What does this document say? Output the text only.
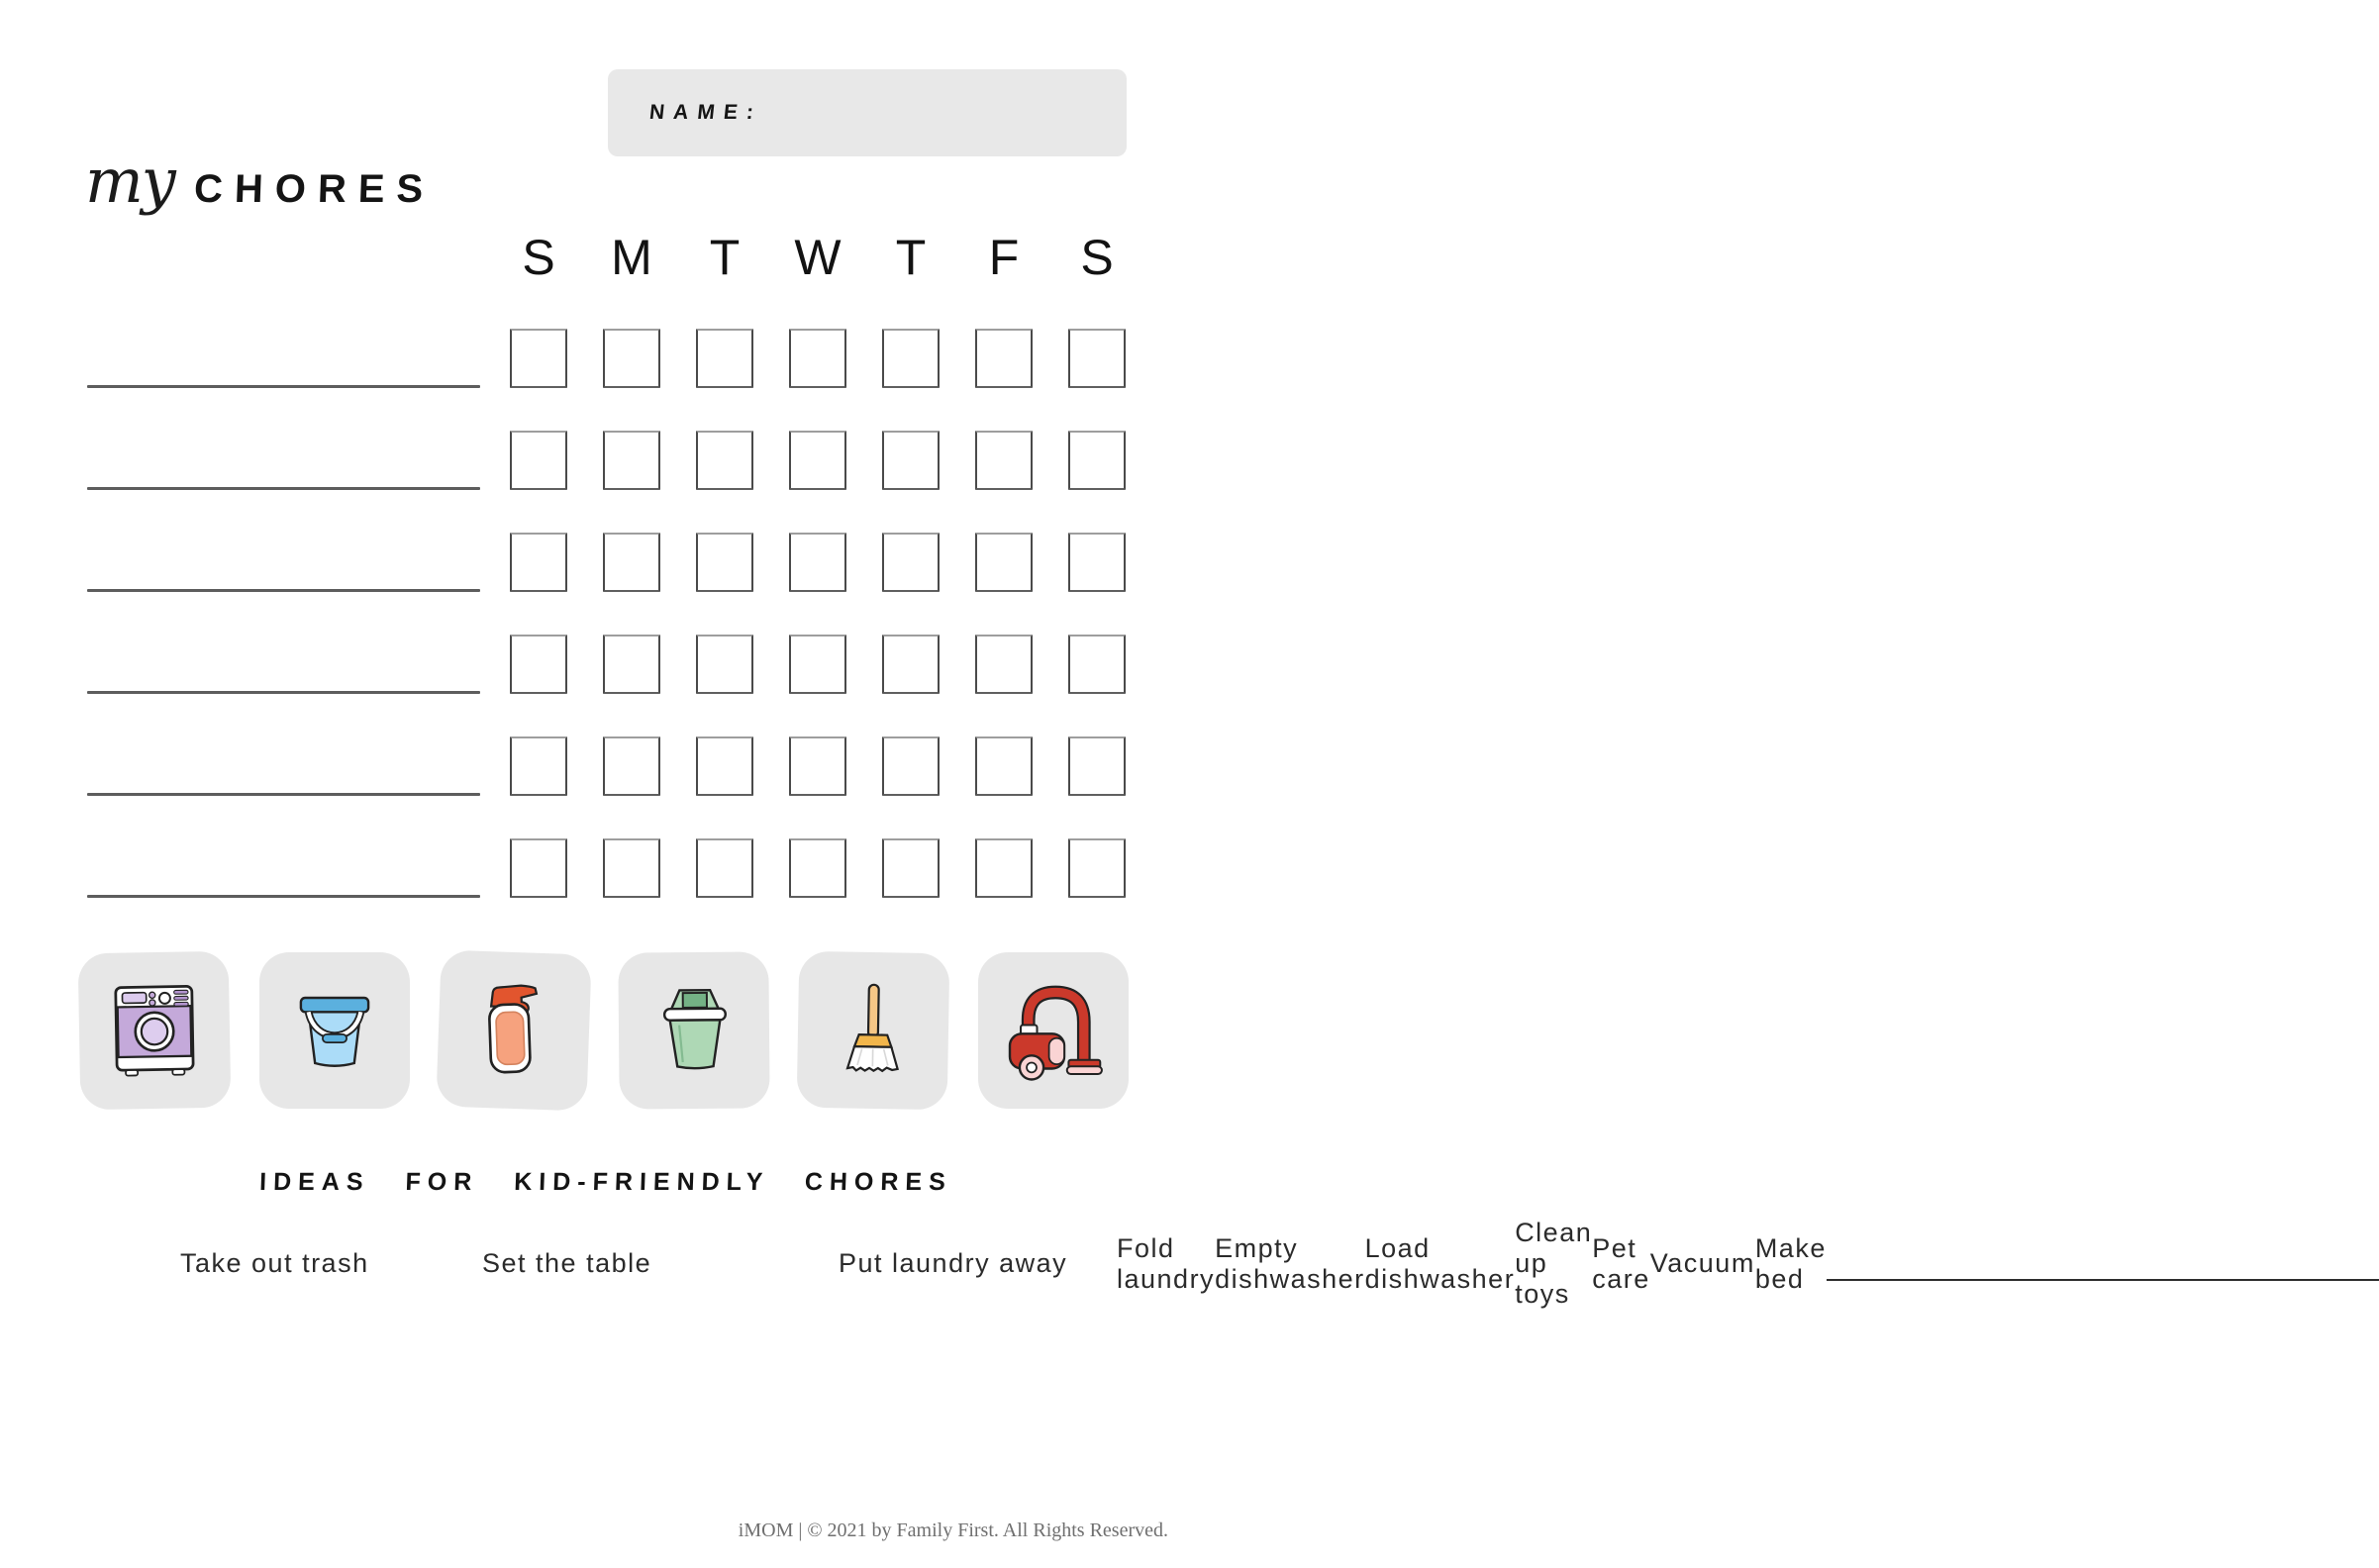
NAME:
my CHORES
S M T W T F S
IDEAS FOR KID-FRIENDLY CHORES
Take out trash	Set the table	Put laundry away
Fold laundry
Empty dishwasher
Load dishwasher
Clean up toys
Pet care
Vacuum
Make bed
iMOM | © 2021 by Family First. All Rights Reserved.
